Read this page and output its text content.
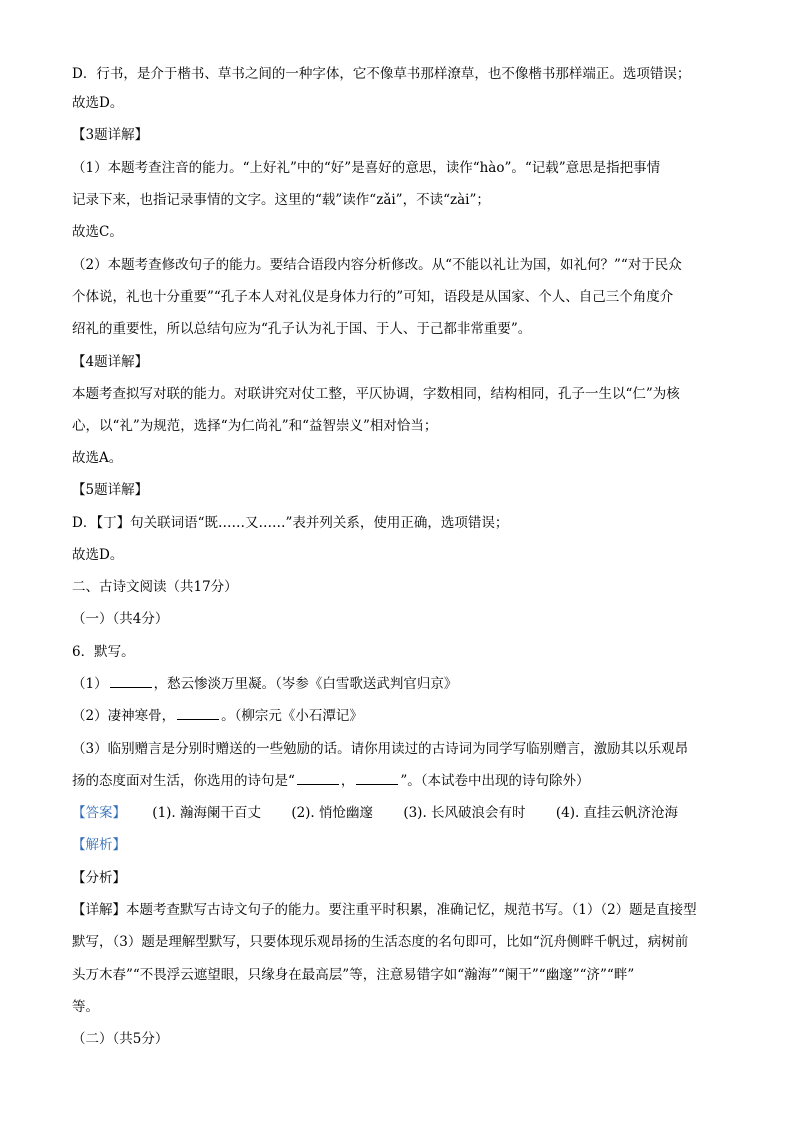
D．行书，是介于楷书、草书之间的一种字体，它不像草书那样潦草，也不像楷书那样端正。选项错误；
故选D。
【3题详解】
（1）本题考查注音的能力。“上好礼”中的“好”是喜好的意思，读作“hào”。“记载”意思是指把事情
记录下来，也指记录事情的文字。这里的“载”读作“zǎi”，不读“zài”；
故选C。
（2）本题考查修改句子的能力。要结合语段内容分析修改。从“不能以礼让为国，如礼何？”“对于民众
个体说，礼也十分重要”“孔子本人对礼仪是身体力行的”可知，语段是从国家、个人、自己三个角度介
绍礼的重要性，所以总结句应为“孔子认为礼于国、于人、于己都非常重要”。
【4题详解】
本题考查拟写对联的能力。对联讲究对仗工整，平仄协调，字数相同，结构相同，孔子一生以“仁”为核
心，以“礼”为规范，选择“为仁尚礼”和“益智崇义”相对恰当；
故选A。
【5题详解】
D．【丁】句关联词语“既……又……”表并列关系，使用正确，选项错误；
故选D。
二、古诗文阅读（共17分）
（一）（共4分）
6．默写。
（1）	，愁云惨淡万里凝。（岑参《白雪歌送武判官归京》
（2）凄神寒骨，	。（柳宗元《小石潭记》
（3）临别赠言是分别时赠送的一些勉励的话。请你用读过的古诗词为同学写临别赠言，激励其以乐观昂
扬的态度面对生活，你选用的诗句是“	，	”。（本试卷中出现的诗句除外）
【答案】 (1). 瀚海阑干百丈 (2). 悄怆幽邃 (3). 长风破浪会有时 (4). 直挂云帆济沧海
【解析】
【分析】
【详解】本题考查默写古诗文句子的能力。要注重平时积累，准确记忆，规范书写。（1）（2）题是直接型
默写，（3）题是理解型默写，只要体现乐观昂扬的生活态度的名句即可，比如“沉舟侧畔千帆过，病树前
头万木春”“不畏浮云遮望眼，只缘身在最高层”等，注意易错字如“瀚海”“阑干”“幽邃”“济”“畔”
等。
（二）（共5分）
